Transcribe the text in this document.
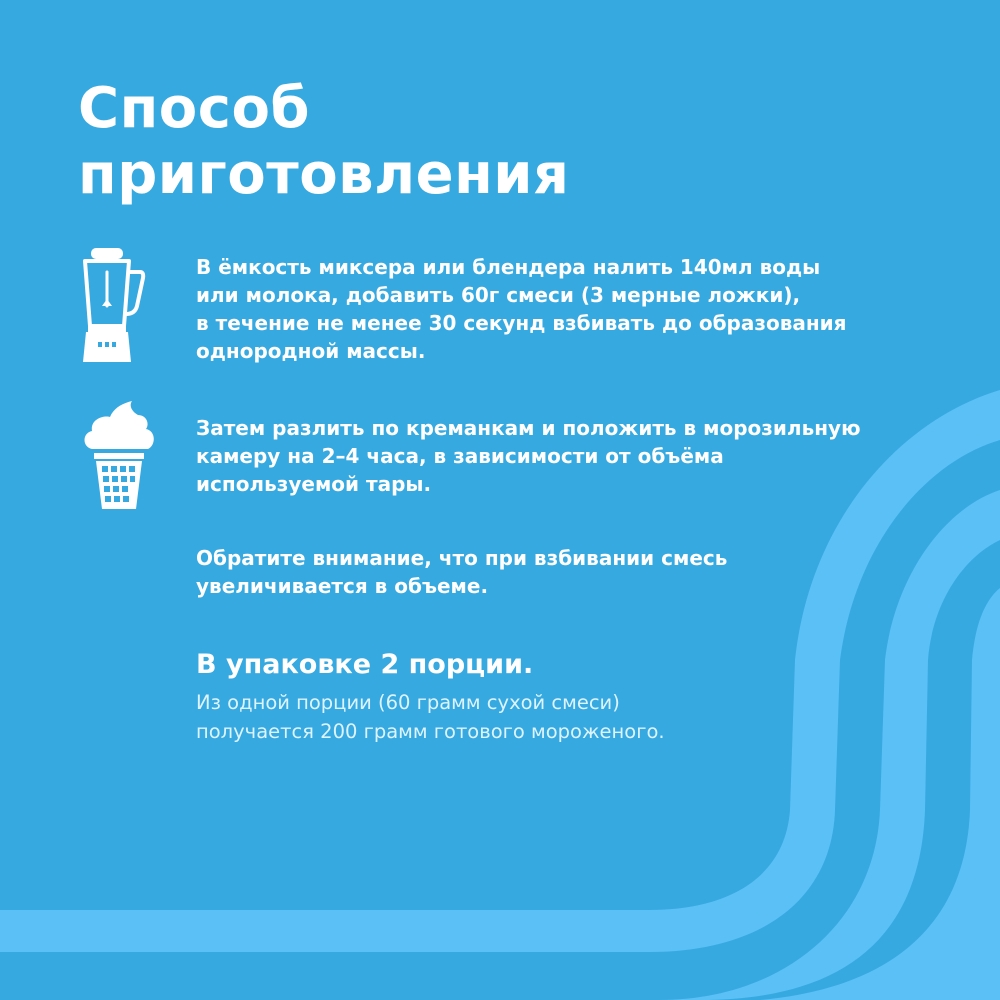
Способ
приготовления
В ёмкость миксера или блендера налить 140мл воды
или молока, добавить 60г смеси (3 мерные ложки),
в течение не менее 30 секунд взбивать до образования
однородной массы.
Затем разлить по креманкам и положить в морозильную
камеру на 2–4 часа, в зависимости от объёма
используемой тары.
Обратите внимание, что при взбивании смесь
увеличивается в объеме.
В упаковке 2 порции.
Из одной порции (60 грамм сухой смеси)
получается 200 грамм готового мороженого.
